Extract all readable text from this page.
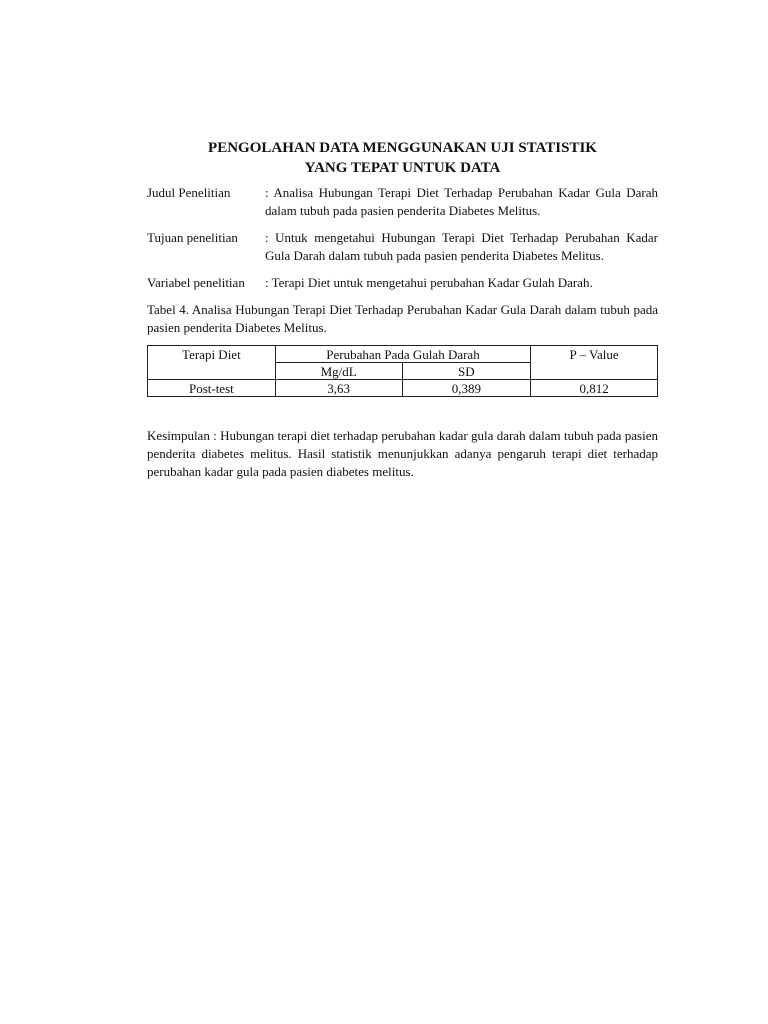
PENGOLAHAN DATA MENGGUNAKAN UJI STATISTIK
YANG TEPAT UNTUK DATA
Judul Penelitian	: Analisa Hubungan Terapi Diet Terhadap Perubahan Kadar Gula Darah dalam tubuh pada pasien penderita Diabetes Melitus.
Tujuan penelitian : Untuk mengetahui Hubungan Terapi Diet Terhadap Perubahan Kadar Gula Darah dalam tubuh pada pasien penderita Diabetes Melitus.
Variabel penelitian : Terapi Diet untuk mengetahui perubahan Kadar Gulah Darah.

Tabel 4. Analisa Hubungan Terapi Diet Terhadap Perubahan Kadar Gula Darah dalam tubuh pada pasien penderita Diabetes Melitus.

Terapi Diet	Perubahan Pada Gulah Darah		P – Value
	Mg/dL	SD	
Post-test	3,63	0,389	0,812

Kesimpulan : Hubungan terapi diet terhadap perubahan kadar gula darah dalam tubuh pada pasien penderita diabetes melitus. Hasil statistik menunjukkan adanya pengaruh terapi diet terhadap perubahan kadar gula pada pasien diabetes melitus.
